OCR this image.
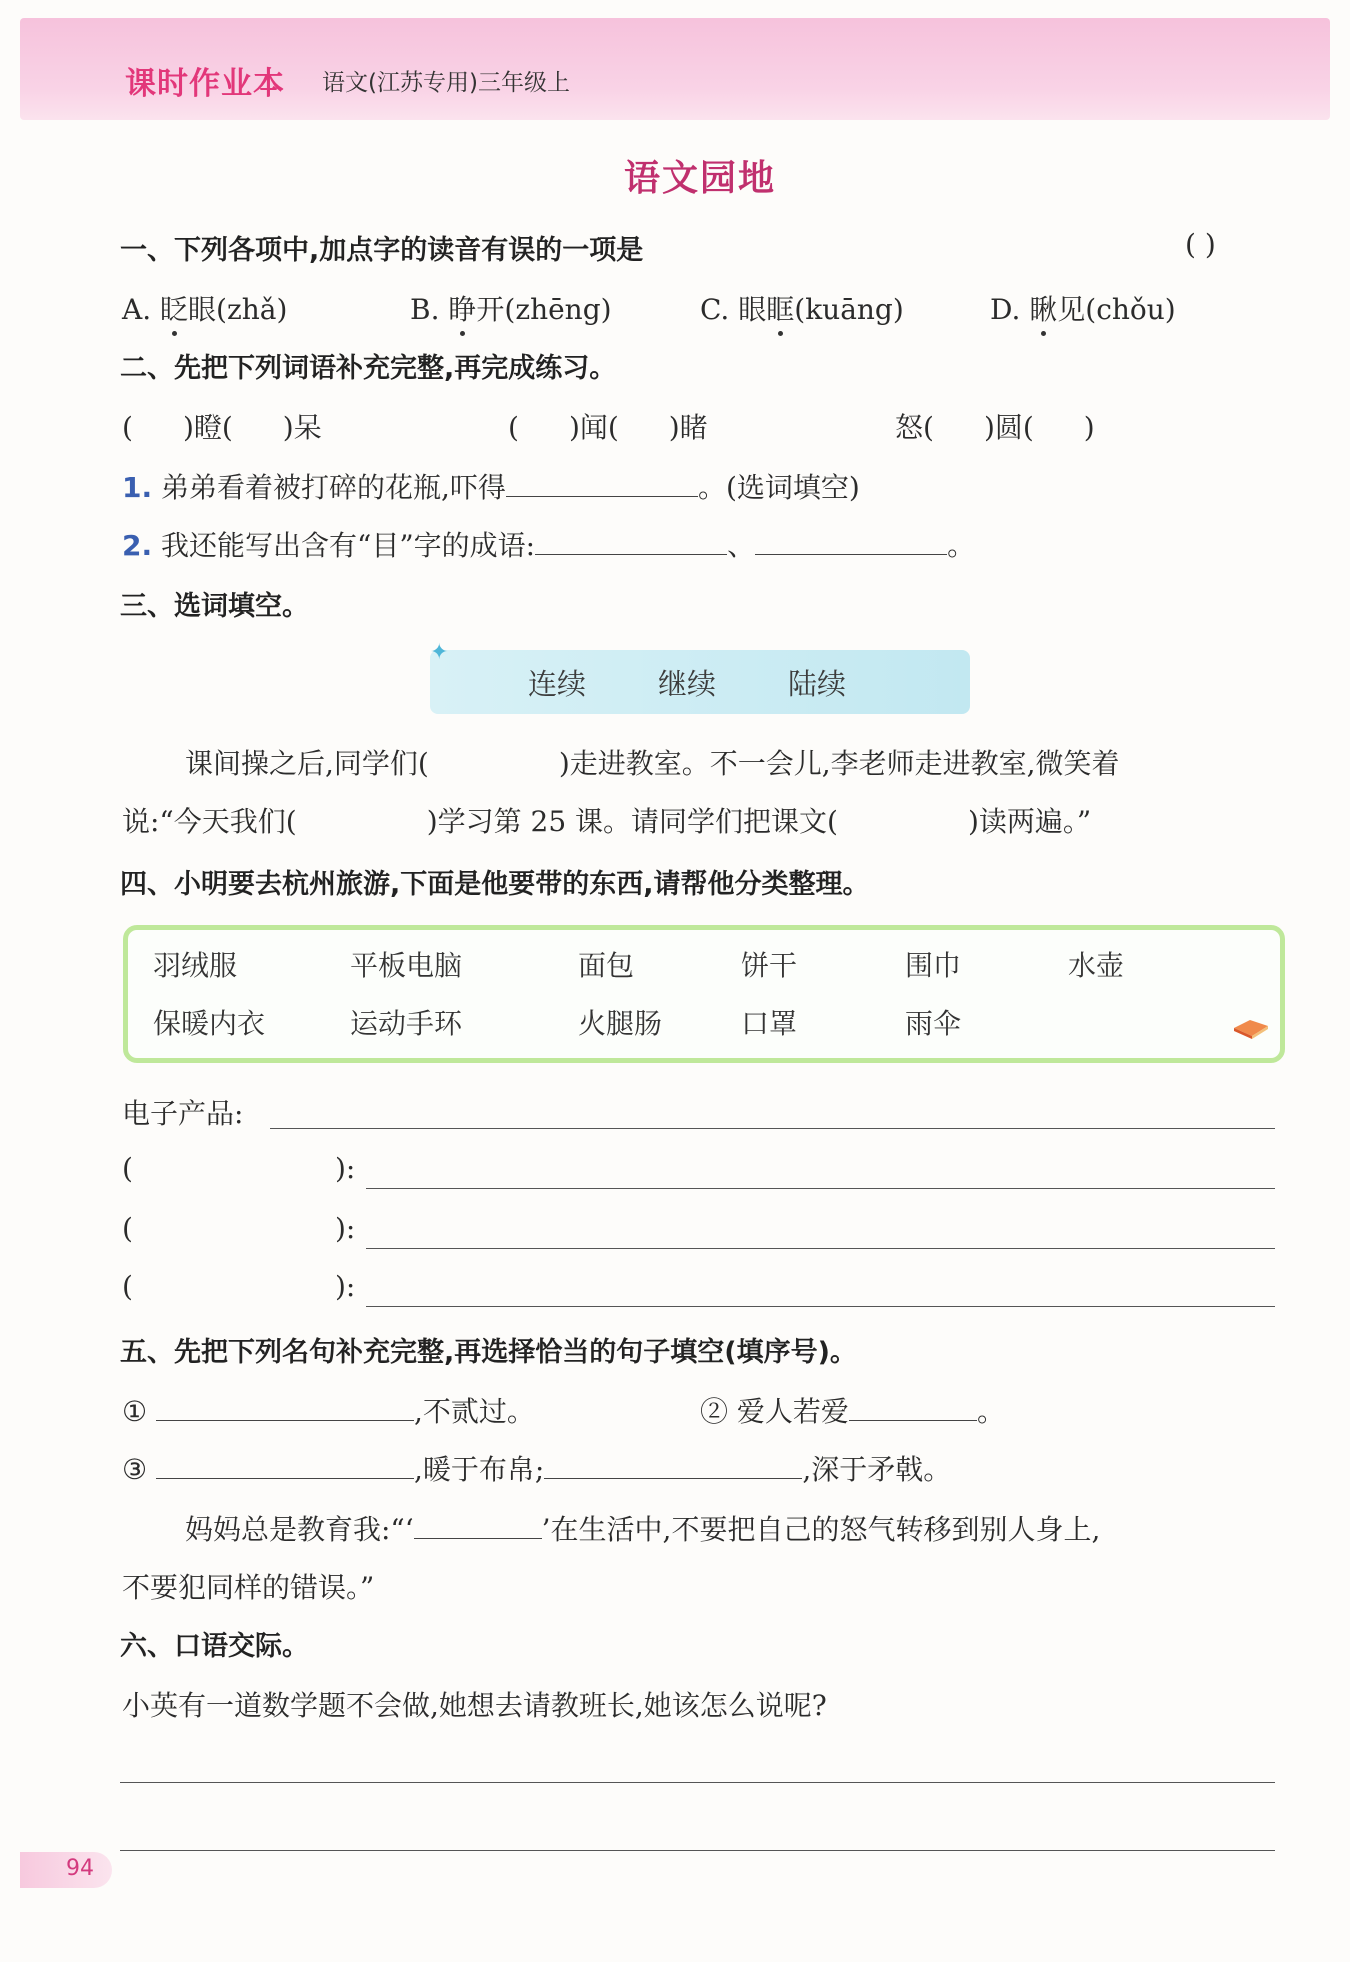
课时作业本 语文(江苏专用)三年级上
语文园地
一、下列各项中,加点字的读音有误的一项是	( )
A. 眨眼(zhǎ)	B. 睁开(zhēng)	C. 眼眶(kuāng)	D. 瞅见(chǒu)
二、先把下列词语补充完整,再完成练习。
( )瞪( )呆	( )闻( )睹	怒( )圆( )
1. 弟弟看着被打碎的花瓶,吓得	。(选词填空)
2. 我还能写出含有“目”字的成语:	、	。
三、选词填空。
连续 继续 陆续
✦
课间操之后,同学们(	)走进教室。不一会儿,李老师走进教室,微笑着
说:“今天我们(	)学习第 25 课。请同学们把课文(	)读两遍。”
四、小明要去杭州旅游,下面是他要带的东西,请帮他分类整理。
羽绒服	平板电脑	面包	饼干	围巾	水壶
保暖内衣	运动手环	火腿肠	口罩	雨伞
电子产品:
(	):
(	):
(	):
五、先把下列名句补充完整,再选择恰当的句子填空(填序号)。
①	,不贰过。	② 爱人若爱	。
③	,暖于布帛;	,深于矛戟。
妈妈总是教育我:“‘	’在生活中,不要把自己的怒气转移到别人身上,
不要犯同样的错误。”
六、口语交际。
小英有一道数学题不会做,她想去请教班长,她该怎么说呢?
94
